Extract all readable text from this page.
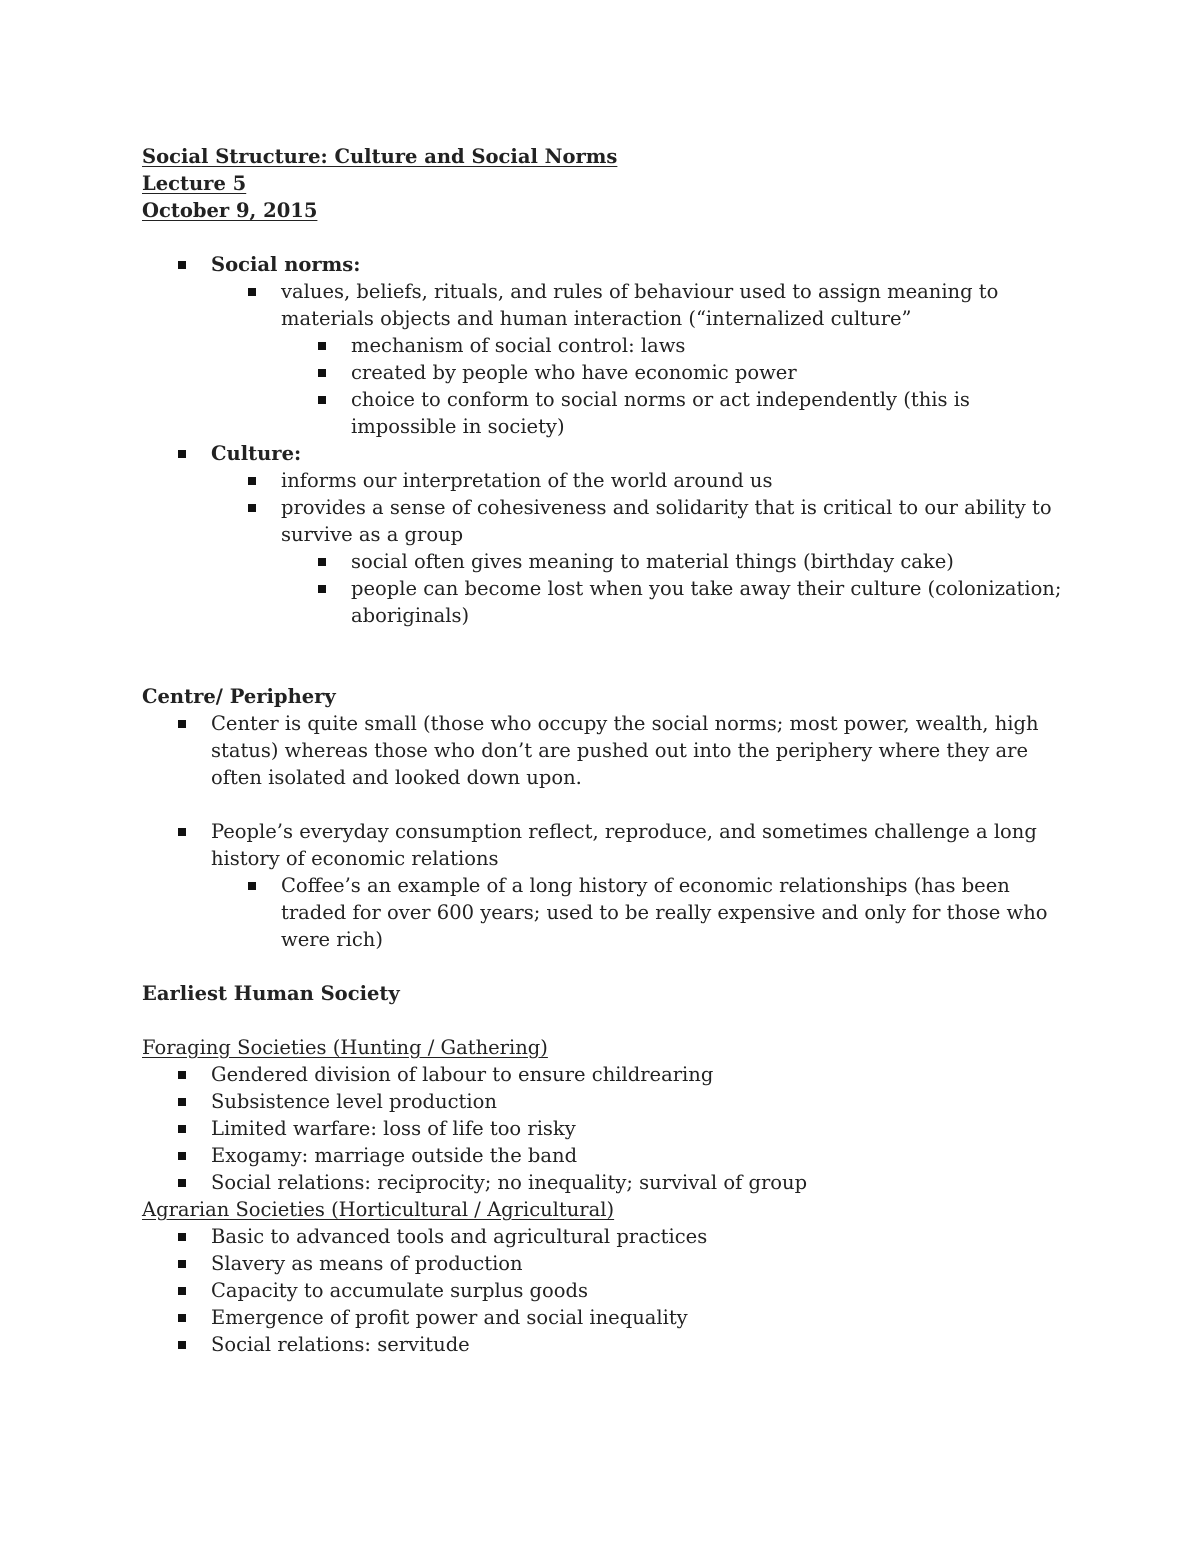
Social Structure: Culture and Social Norms

Lecture 5

October 9, 2015

Social norms:
values, beliefs, rituals, and rules of behaviour used to assign meaning to materials objects and human interaction (“internalized culture”
mechanism of social control: laws
created by people who have economic power
choice to conform to social norms or act independently (this is impossible in society)
Culture:
informs our interpretation of the world around us
provides a sense of cohesiveness and solidarity that is critical to our ability to survive as a group
social often gives meaning to material things (birthday cake)
people can become lost when you take away their culture (colonization; aboriginals)

Centre/ Periphery

Center is quite small (those who occupy the social norms; most power, wealth, high status) whereas those who don’t are pushed out into the periphery where they are often isolated and looked down upon.
People’s everyday consumption reflect, reproduce, and sometimes challenge a long history of economic relations
Coffee’s an example of a long history of economic relationships (has been traded for over 600 years; used to be really expensive and only for those who were rich)

Earliest Human Society

Foraging Societies (Hunting / Gathering)

Gendered division of labour to ensure childrearing
Subsistence level production
Limited warfare: loss of life too risky
Exogamy: marriage outside the band
Social relations: reciprocity; no inequality; survival of group

Agrarian Societies (Horticultural / Agricultural)

Basic to advanced tools and agricultural practices
Slavery as means of production
Capacity to accumulate surplus goods
Emergence of profit power and social inequality
Social relations: servitude
